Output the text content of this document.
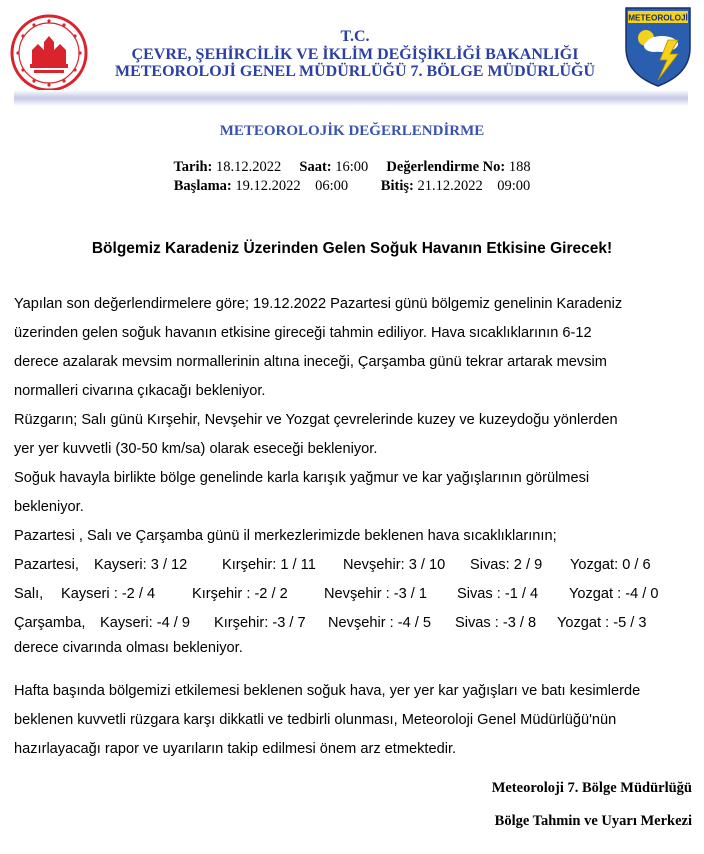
T.C.
ÇEVRE, ŞEHİRCİLİK VE İKLİM DEĞİŞİKLİĞİ BAKANLIĞI
METEOROLOJİ GENEL MÜDÜRLÜĞÜ 7. BÖLGE MÜDÜRLÜĞÜ
METEOROLOJİ
METEOROLOJİK DEĞERLENDİRME
Tarih: 18.12.2022 Saat: 16:00 Değerlendirme No: 188
Başlama: 19.12.2022    06:00 Bitiş: 21.12.2022    09:00
Bölgemiz Karadeniz Üzerinden Gelen Soğuk Havanın Etkisine Girecek!
Yapılan son değerlendirmelere göre; 19.12.2022 Pazartesi günü bölgemiz genelinin Karadeniz
üzerinden gelen soğuk havanın etkisine gireceği tahmin ediliyor. Hava sıcaklıklarının 6-12
derece azalarak mevsim normallerinin altına ineceği, Çarşamba günü tekrar artarak mevsim
normalleri civarına çıkacağı bekleniyor.
Rüzgarın; Salı günü Kırşehir, Nevşehir ve Yozgat çevrelerinde kuzey ve kuzeydoğu yönlerden
yer yer kuvvetli (30-50 km/sa) olarak eseceği bekleniyor.
Soğuk havayla birlikte bölge genelinde karla karışık yağmur ve kar yağışlarının görülmesi
bekleniyor.
Pazartesi , Salı ve Çarşamba günü il merkezlerimizde beklenen hava sıcaklıklarının;
Pazartesi, Kayseri: 3 / 12 Kırşehir: 1 / 11 Nevşehir: 3 / 10 Sivas: 2 / 9 Yozgat: 0 / 6
Salı, Kayseri : -2 / 4	Kırşehir : -2 / 2 Nevşehir : -3 / 1 Sivas : -1 / 4 Yozgat : -4 / 0
Çarşamba, Kayseri: -4 / 9 Kırşehir: -3 / 7 Nevşehir : -4 / 5 Sivas : -3 / 8 Yozgat : -5 / 3
derece civarında olması bekleniyor.
Hafta başında bölgemizi etkilemesi beklenen soğuk hava, yer yer kar yağışları ve batı kesimlerde
beklenen kuvvetli rüzgara karşı dikkatli ve tedbirli olunması, Meteoroloji Genel Müdürlüğü'nün
hazırlayacağı rapor ve uyarıların takip edilmesi önem arz etmektedir.
Meteoroloji 7. Bölge Müdürlüğü
Bölge Tahmin ve Uyarı Merkezi
